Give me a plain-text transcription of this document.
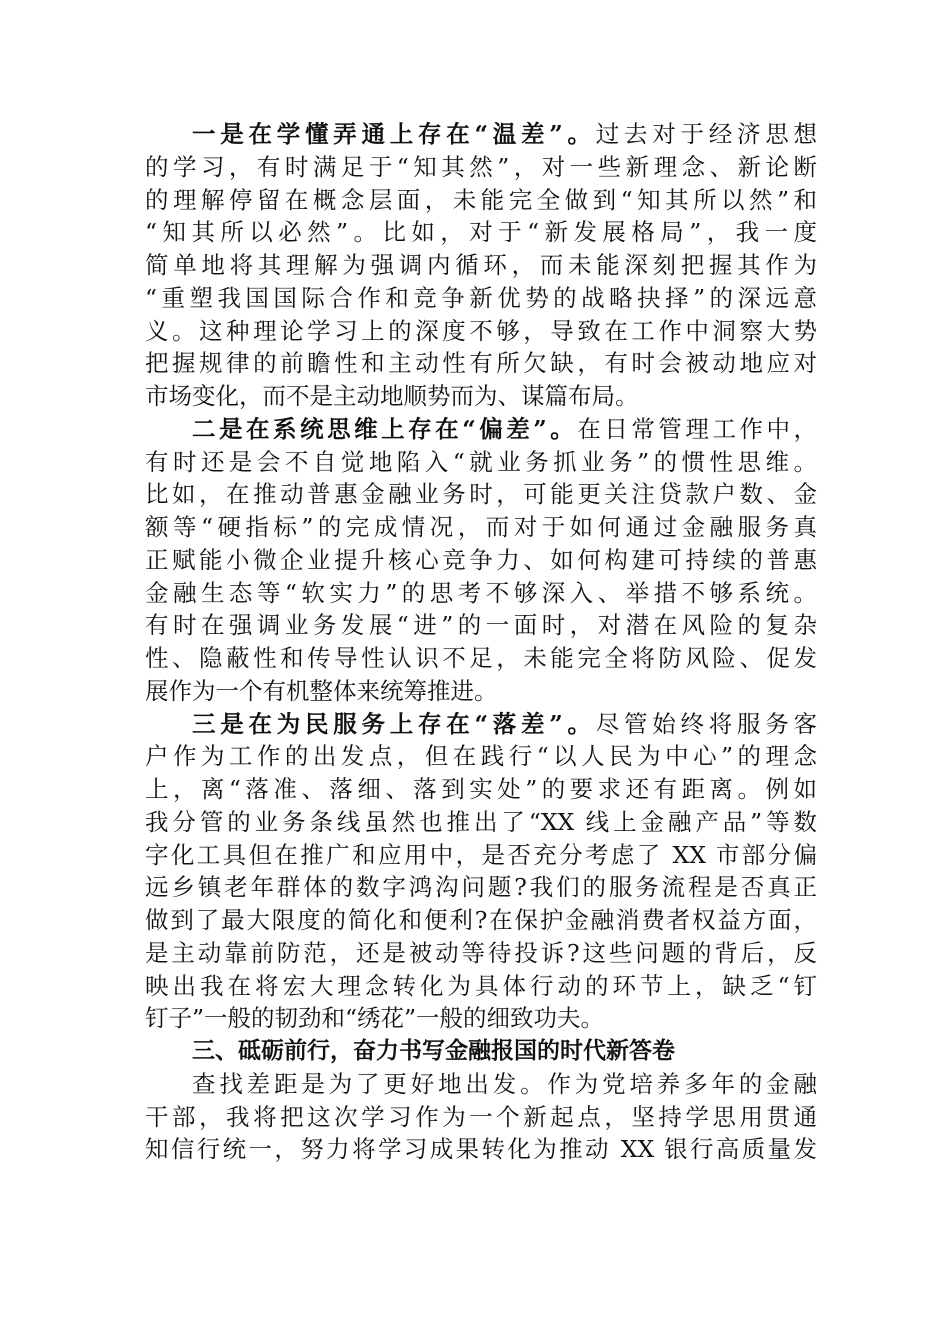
一是在学懂弄通上存在“温差”。过去对于经济思想
的学习，有时满足于“知其然”，对一些新理念、新论断
的理解停留在概念层面，未能完全做到“知其所以然”和
“知其所以必然”。比如，对于“新发展格局”，我一度
简单地将其理解为强调内循环，而未能深刻把握其作为
“重塑我国国际合作和竞争新优势的战略抉择”的深远意
义。这种理论学习上的深度不够，导致在工作中洞察大势
把握规律的前瞻性和主动性有所欠缺，有时会被动地应对
市场变化，而不是主动地顺势而为、谋篇布局。
二是在系统思维上存在“偏差”。在日常管理工作中，
有时还是会不自觉地陷入“就业务抓业务”的惯性思维。
比如，在推动普惠金融业务时，可能更关注贷款户数、金
额等“硬指标”的完成情况，而对于如何通过金融服务真
正赋能小微企业提升核心竞争力、如何构建可持续的普惠
金融生态等“软实力”的思考不够深入、举措不够系统。
有时在强调业务发展“进”的一面时，对潜在风险的复杂
性、隐蔽性和传导性认识不足，未能完全将防风险、促发
展作为一个有机整体来统筹推进。
三是在为民服务上存在“落差”。尽管始终将服务客
户作为工作的出发点，但在践行“以人民为中心”的理念
上，离“落准、落细、落到实处”的要求还有距离。例如
我分管的业务条线虽然也推出了“XX 线上金融产品”等数
字化工具但在推广和应用中，是否充分考虑了 XX 市部分偏
远乡镇老年群体的数字鸿沟问题?我们的服务流程是否真正
做到了最大限度的简化和便利?在保护金融消费者权益方面，
是主动靠前防范，还是被动等待投诉?这些问题的背后，反
映出我在将宏大理念转化为具体行动的环节上，缺乏“钉
钉子”一般的韧劲和“绣花”一般的细致功夫。
三、砥砺前行，奋力书写金融报国的时代新答卷
查找差距是为了更好地出发。作为党培养多年的金融
干部，我将把这次学习作为一个新起点，坚持学思用贯通
知信行统一，努力将学习成果转化为推动 XX 银行高质量发
